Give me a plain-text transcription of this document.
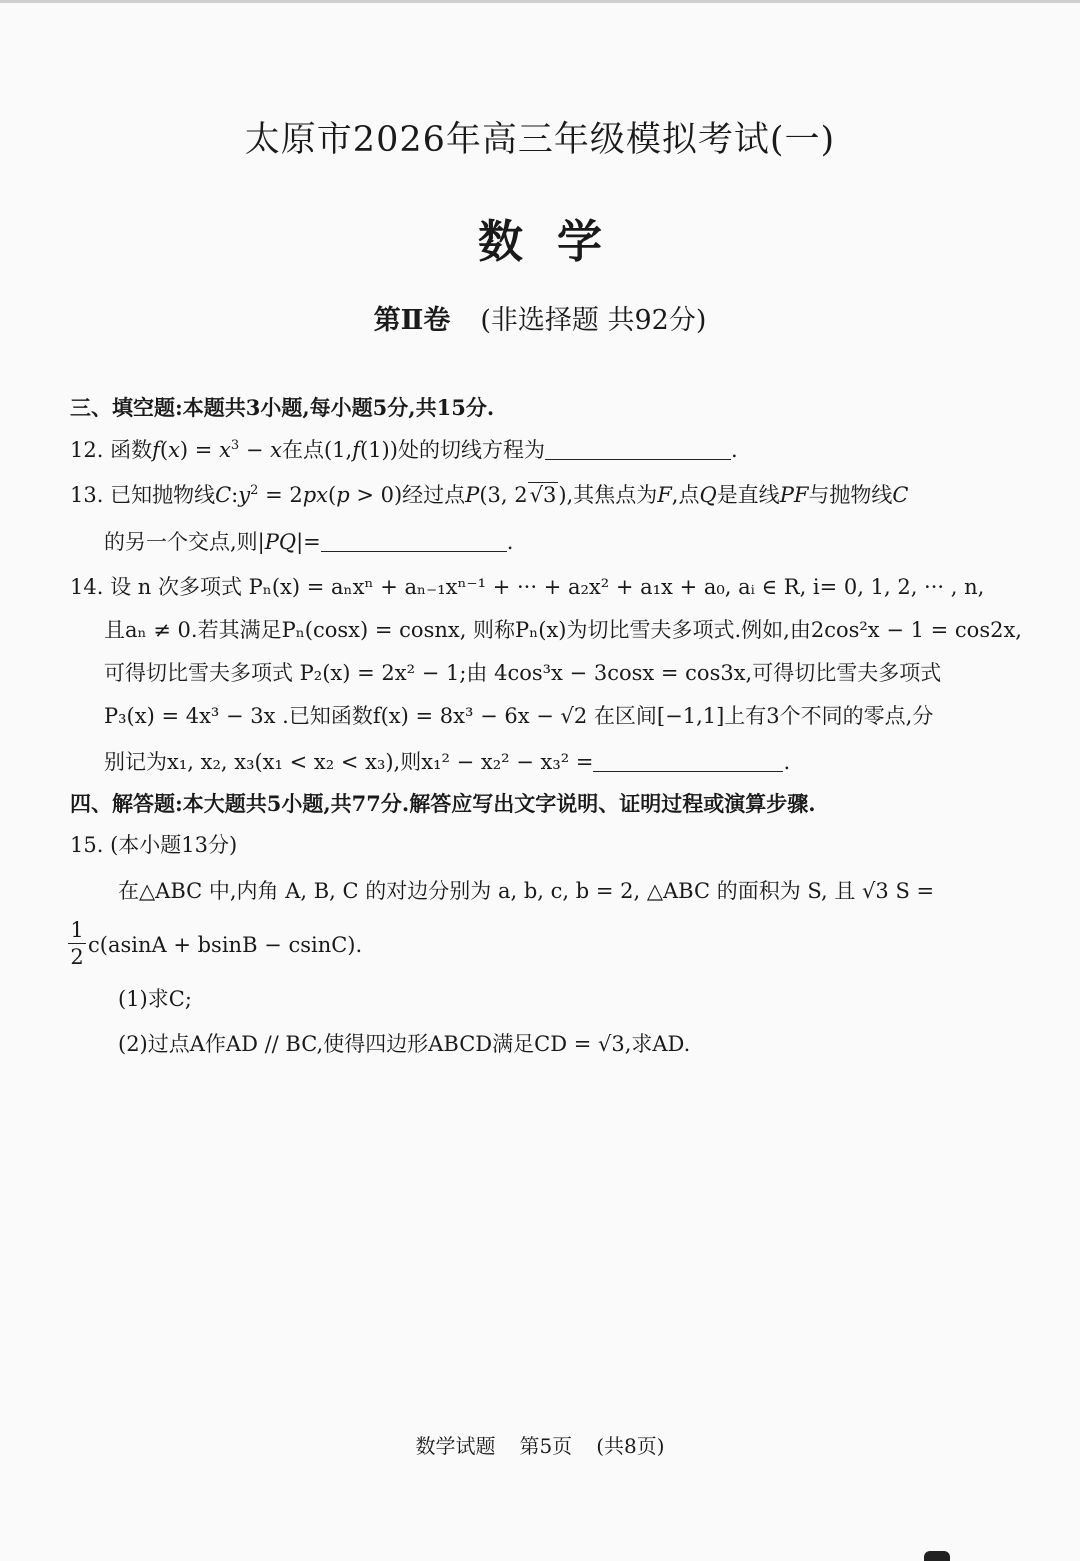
太原市2026年高三年级模拟考试(一)
数学
第Ⅱ卷 (非选择题 共92分)
三、填空题:本题共3小题,每小题5分,共15分.
12. 函数$f(x) = x^3 - x$在点(1,f(1))处的切线方程为	.
13. 已知抛物线$C:y^2 = 2px(p > 0)$经过点P(3, 2√3),其焦点为F,点Q是直线PF与抛物线C
的另一个交点,则|PQ|=	.
14. 设 n 次多项式 Pₙ(x) = aₙxⁿ + aₙ₋₁xⁿ⁻¹ + ··· + a₂x² + a₁x + a₀, aᵢ ∈ R, i= 0, 1, 2, ··· , n,
且aₙ ≠ 0.若其满足Pₙ(cosx) = cosnx, 则称Pₙ(x)为切比雪夫多项式.例如,由2cos²x − 1 = cos2x,
可得切比雪夫多项式 P₂(x) = 2x² − 1;由 4cos³x − 3cosx = cos3x,可得切比雪夫多项式
P₃(x) = 4x³ − 3x .已知函数f(x) = 8x³ − 6x − √2 在区间[−1,1]上有3个不同的零点,分
别记为x₁, x₂, x₃(x₁ < x₂ < x₃),则x₁² − x₂² − x₃² =	.
四、解答题:本大题共5小题,共77分.解答应写出文字说明、证明过程或演算步骤.
15. (本小题13分)
在△ABC 中,内角 A, B, C 的对边分别为 a, b, c, b = 2, △ABC 的面积为 S, 且 √3 S =
1
2 c(asinA + bsinB − csinC).
(1)求C;
(2)过点A作AD // BC,使得四边形ABCD满足CD = √3,求AD.
数学试题 第5页 (共8页)
